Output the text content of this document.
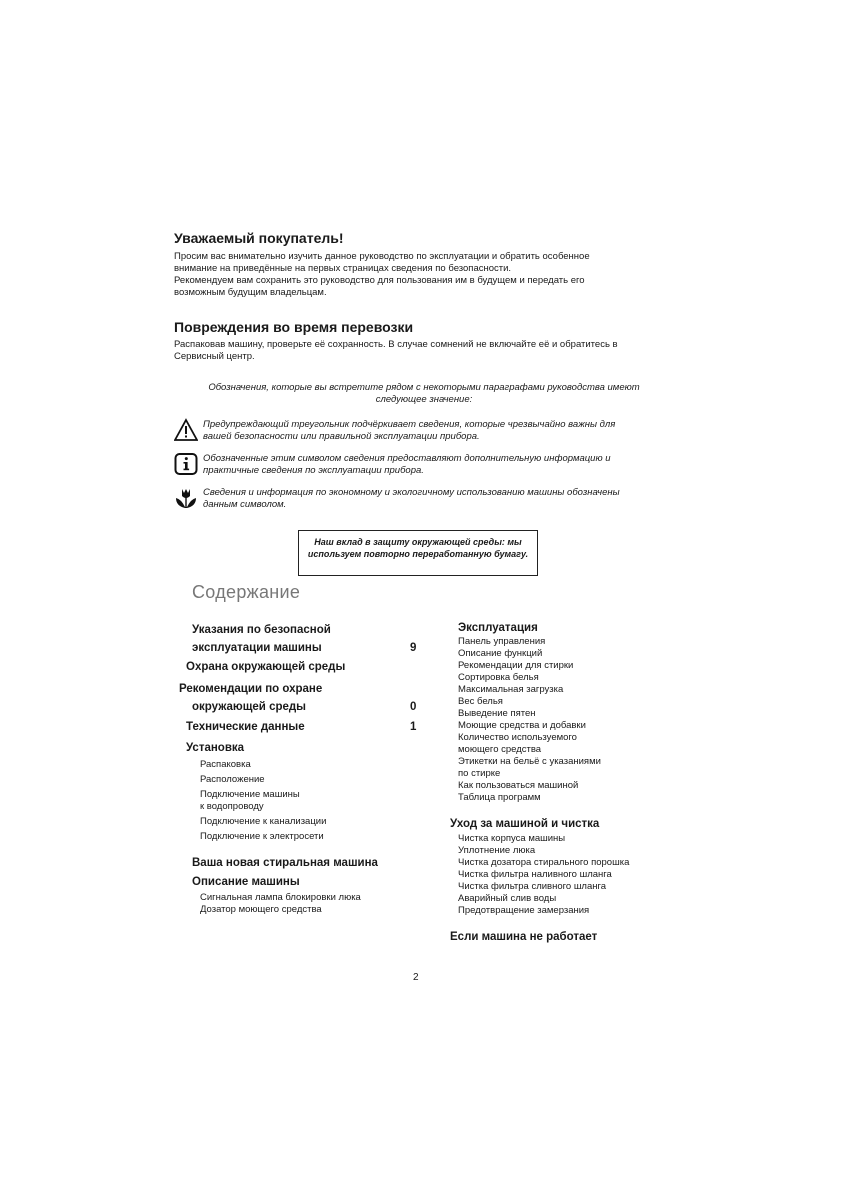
Уважаемый покупатель!
Просим вас внимательно изучить данное руководство по эксплуатации и обратить особенное
внимание на приведённые на первых страницах сведения по безопасности.
Рекомендуем вам сохранить это руководство для пользования им в будущем и передать его
возможным будущим владельцам.
Повреждения во время перевозки
Распаковав машину, проверьте её сохранность. В случае сомнений не включайте её и обратитесь в
Сервисный центр.
Обозначения, которые вы встретите рядом с некоторыми параграфами руководства имеют
следующее значение:
Предупреждающий треугольник подчёркивает сведения, которые чрезвычайно важны для
вашей безопасности или правильной эксплуатации прибора.
Обозначенные этим символом сведения предоставляют дополнительную информацию и
практичные сведения по эксплуатации прибора.
Сведения и информация по экономному и экологичному использованию машины обозначены
данным символом.
Наш вклад в защиту окружающей среды: мы
используем повторно переработанную бумагу.
Содержание
Указания по безопасной
эксплуатации машины	9
Охрана окружающей среды
Рекомендации по охране
окружающей среды	0
Технические данные	1
Установка
Распаковка
Расположение
Подключение машины
к водопроводу
Подключение к канализации
Подключение к электросети
Ваша новая стиральная машина
Описание машины
Сигнальная лампа блокировки люка
Дозатор моющего средства
Эксплуатация
Панель управления
Описание функций
Рекомендации для стирки
Сортировка белья
Максимальная загрузка
Вес белья
Выведение пятен
Моющие средства и добавки
Количество используемого
моющего средства
Этикетки на бельё с указаниями
по стирке
Как пользоваться машиной
Таблица программ
Уход за машиной и чистка
Чистка корпуса машины
Уплотнение люка
Чистка дозатора стирального порошка
Чистка фильтра наливного шланга
Чистка фильтра сливного шланга
Аварийный слив воды
Предотвращение замерзания
Если машина не работает
2
